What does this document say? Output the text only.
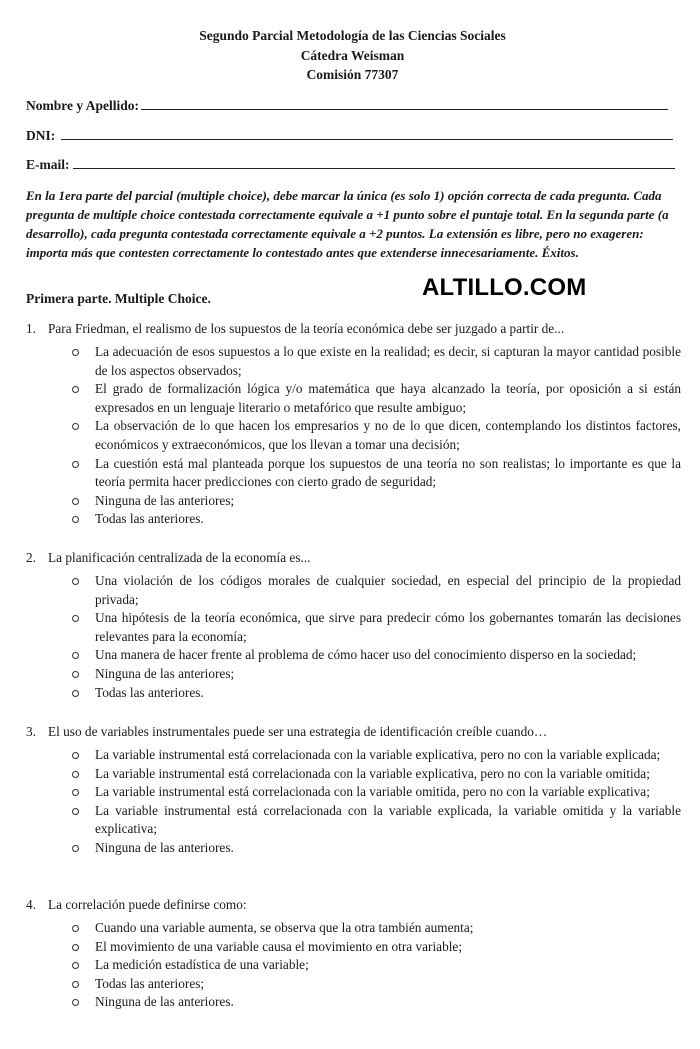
Segundo Parcial Metodología de las Ciencias Sociales
Cátedra Weisman
Comisión 77307
Nombre y Apellido:
DNI:
E-mail:
En la 1era parte del parcial (multiple choice), debe marcar la única (es solo 1) opción correcta de cada pregunta. Cada pregunta de multiple choice contestada correctamente equivale a +1 punto sobre el puntaje total. En la segunda parte (a desarrollo), cada pregunta contestada correctamente equivale a +2 puntos. La extensión es libre, pero no exageren: importa más que contesten correctamente lo contestado antes que extenderse innecesariamente. Éxitos.
Primera parte. Multiple Choice.	ALTILLO.COM
1. Para Friedman, el realismo de los supuestos de la teoría económica debe ser juzgado a partir de...
La adecuación de esos supuestos a lo que existe en la realidad; es decir, si capturan la mayor cantidad posible de los aspectos observados;
El grado de formalización lógica y/o matemática que haya alcanzado la teoría, por oposición a si están expresados en un lenguaje literario o metafórico que resulte ambiguo;
La observación de lo que hacen los empresarios y no de lo que dicen, contemplando los distintos factores, económicos y extraeconómicos, que los llevan a tomar una decisión;
La cuestión está mal planteada porque los supuestos de una teoría no son realistas; lo importante es que la teoría permita hacer predicciones con cierto grado de seguridad;
Ninguna de las anteriores;
Todas las anteriores.
2. La planificación centralizada de la economía es...
Una violación de los códigos morales de cualquier sociedad, en especial del principio de la propiedad privada;
Una hipótesis de la teoría económica, que sirve para predecir cómo los gobernantes tomarán las decisiones relevantes para la economía;
Una manera de hacer frente al problema de cómo hacer uso del conocimiento disperso en la sociedad;
Ninguna de las anteriores;
Todas las anteriores.
3. El uso de variables instrumentales puede ser una estrategia de identificación creíble cuando…
La variable instrumental está correlacionada con la variable explicativa, pero no con la variable explicada;
La variable instrumental está correlacionada con la variable explicativa, pero no con la variable omitida;
La variable instrumental está correlacionada con la variable omitida, pero no con la variable explicativa;
La variable instrumental está correlacionada con la variable explicada, la variable omitida y la variable explicativa;
Ninguna de las anteriores.
4. La correlación puede definirse como:
Cuando una variable aumenta, se observa que la otra también aumenta;
El movimiento de una variable causa el movimiento en otra variable;
La medición estadística de una variable;
Todas las anteriores;
Ninguna de las anteriores.
